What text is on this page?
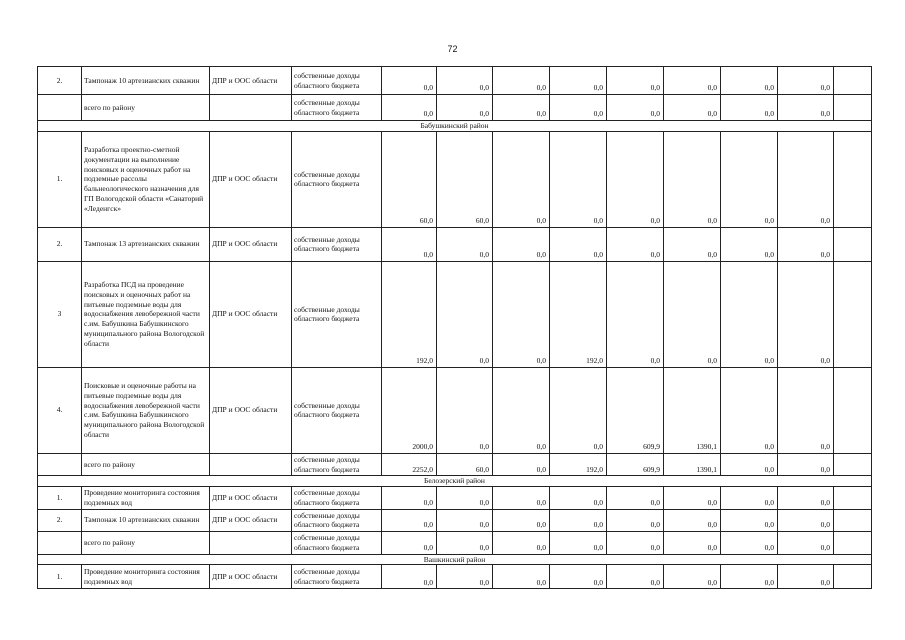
72
2.	Тампонаж 10 артезианских скважин	ДПР и ООС области	собственные доходы областного бюджета	0,0	0,0	0,0	0,0	0,0	0,0	0,0	0,0	
	всего по району		собственные доходы областного бюджета	0,0	0,0	0,0	0,0	0,0	0,0	0,0	0,0	
Бабушкинский район												
1.	Разработка проектно-сметной документации на выполнение поисковых и оценочных работ на подземные рассолы бальнеологического назначения для ГП Вологодской области «Санаторий «Леденгск»	ДПР и ООС области	собственные доходы областного бюджета	60,0	60,0	0,0	0,0	0,0	0,0	0,0	0,0	
2.	Тампонаж 13 артезианских скважин	ДПР и ООС области	собственные доходы областного бюджета	0,0	0,0	0,0	0,0	0,0	0,0	0,0	0,0	
3	Разработка ПСД на проведение поисковых и оценочных работ на питьевые подземные воды для водоснабжения левобережной части с.им. Бабушкина Бабушкинского муниципального района Вологодской области	ДПР и ООС области	собственные доходы областного бюджета	192,0	0,0	0,0	192,0	0,0	0,0	0,0	0,0	
4.	Поисковые и оценочные работы на питьевые подземные воды для водоснабжения левобережной части с.им. Бабушкина Бабушкинского муниципального района Вологодской области	ДПР и ООС области	собственные доходы областного бюджета	2000,0	0,0	0,0	0,0	609,9	1390,1	0,0	0,0	
	всего по району		собственные доходы областного бюджета	2252,0	60,0	0,0	192,0	609,9	1390,1	0,0	0,0	
Белозерский район												
1.	Проведение мониторинга состояния подземных вод	ДПР и ООС области	собственные доходы областного бюджета	0,0	0,0	0,0	0,0	0,0	0,0	0,0	0,0	
2.	Тампонаж 10 артезианских скважин	ДПР и ООС области	собственные доходы областного бюджета	0,0	0,0	0,0	0,0	0,0	0,0	0,0	0,0	
	всего по району		собственные доходы областного бюджета	0,0	0,0	0,0	0,0	0,0	0,0	0,0	0,0	
Вашкинский район												
1.	Проведение мониторинга состояния подземных вод	ДПР и ООС области	собственные доходы областного бюджета	0,0	0,0	0,0	0,0	0,0	0,0	0,0	0,0	
